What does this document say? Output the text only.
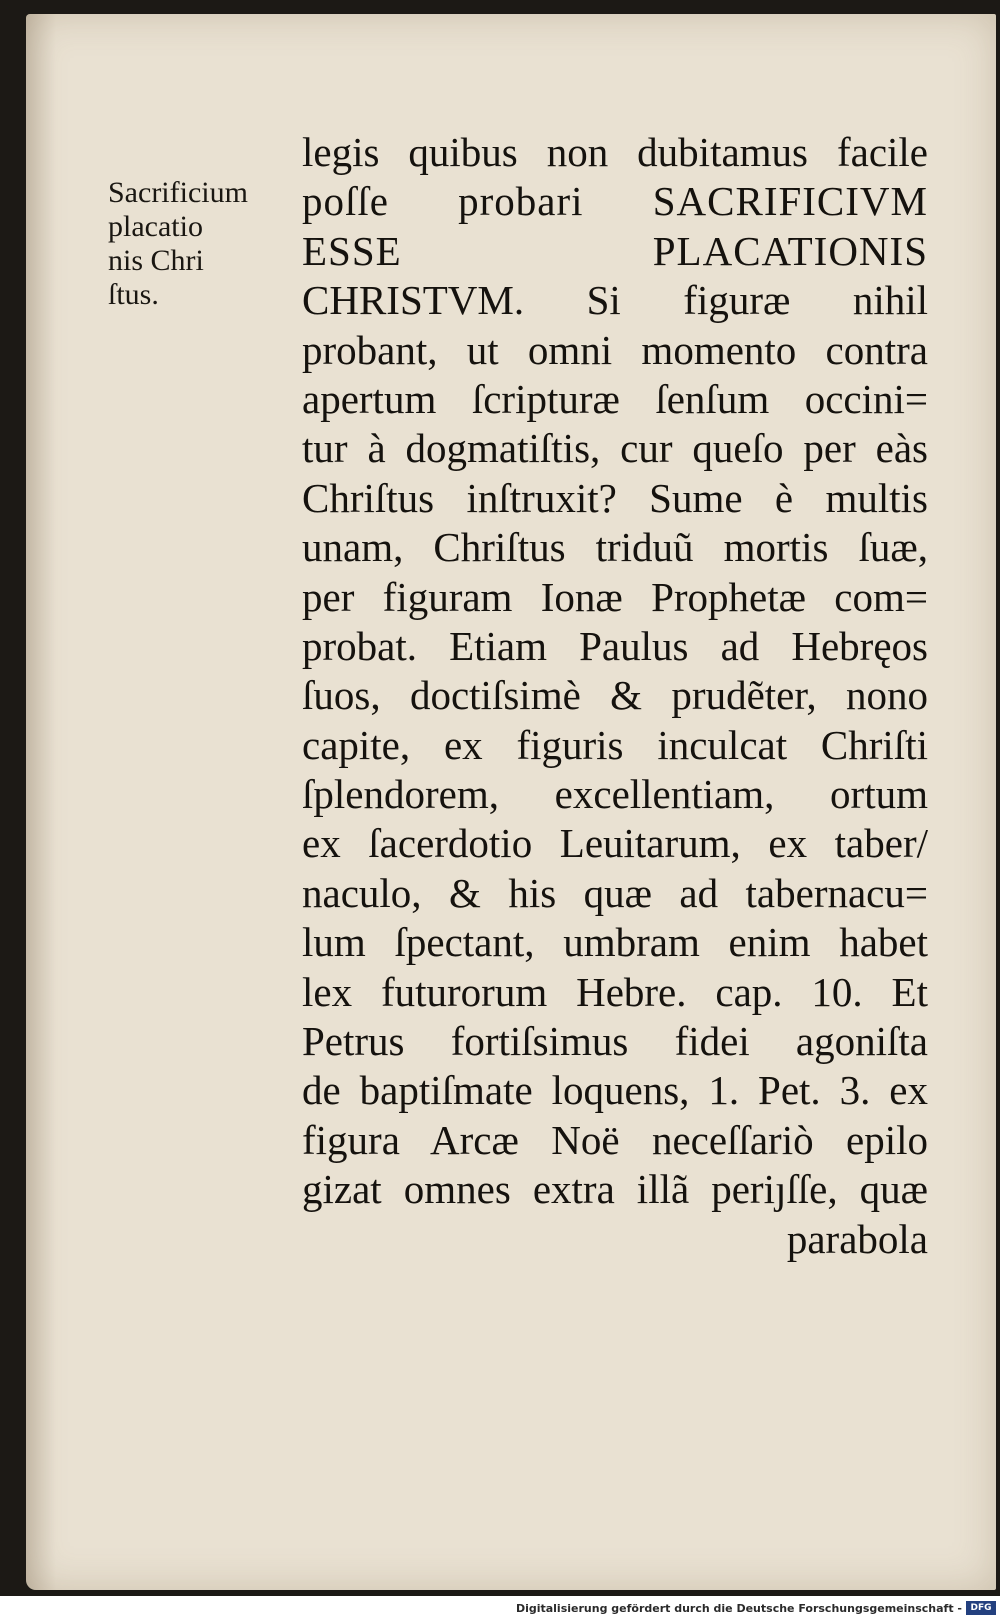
Sacrificium
placatio
nis Chri
ſtus.
legis quibus non dubitamus facile
poſſe probari SACRIFICIVM
ESSE PLACATIONIS
CHRISTVM. Si figuræ nihil
probant, ut omni momento contra
apertum ſcripturæ ſenſum occini=
tur à dogmatiſtis, cur queſo per eàs
Chriſtus inſtruxit? Sume è multis
unam, Chriſtus triduũ mortis ſuæ,
per figuram Ionæ Prophetæ com=
probat. Etiam Paulus ad Hebręos
ſuos, doctiſsimè & prudẽter, nono
capite, ex figuris inculcat Chriſti
ſplendorem, excellentiam, ortum
ex ſacerdotio Leuitarum, ex taber/
naculo, & his quæ ad tabernacu=
lum ſpectant, umbram enim habet
lex futurorum Hebre. cap. 10. Et
Petrus fortiſsimus fidei agoniſta
de baptiſmate loquens, 1. Pet. 3. ex
figura Arcæ Noë neceſſariò epilo
gizat omnes extra illã periȷſſe, quæ
parabola
Digitalisierung gefördert durch die Deutsche Forschungsgemeinschaft - DFG
